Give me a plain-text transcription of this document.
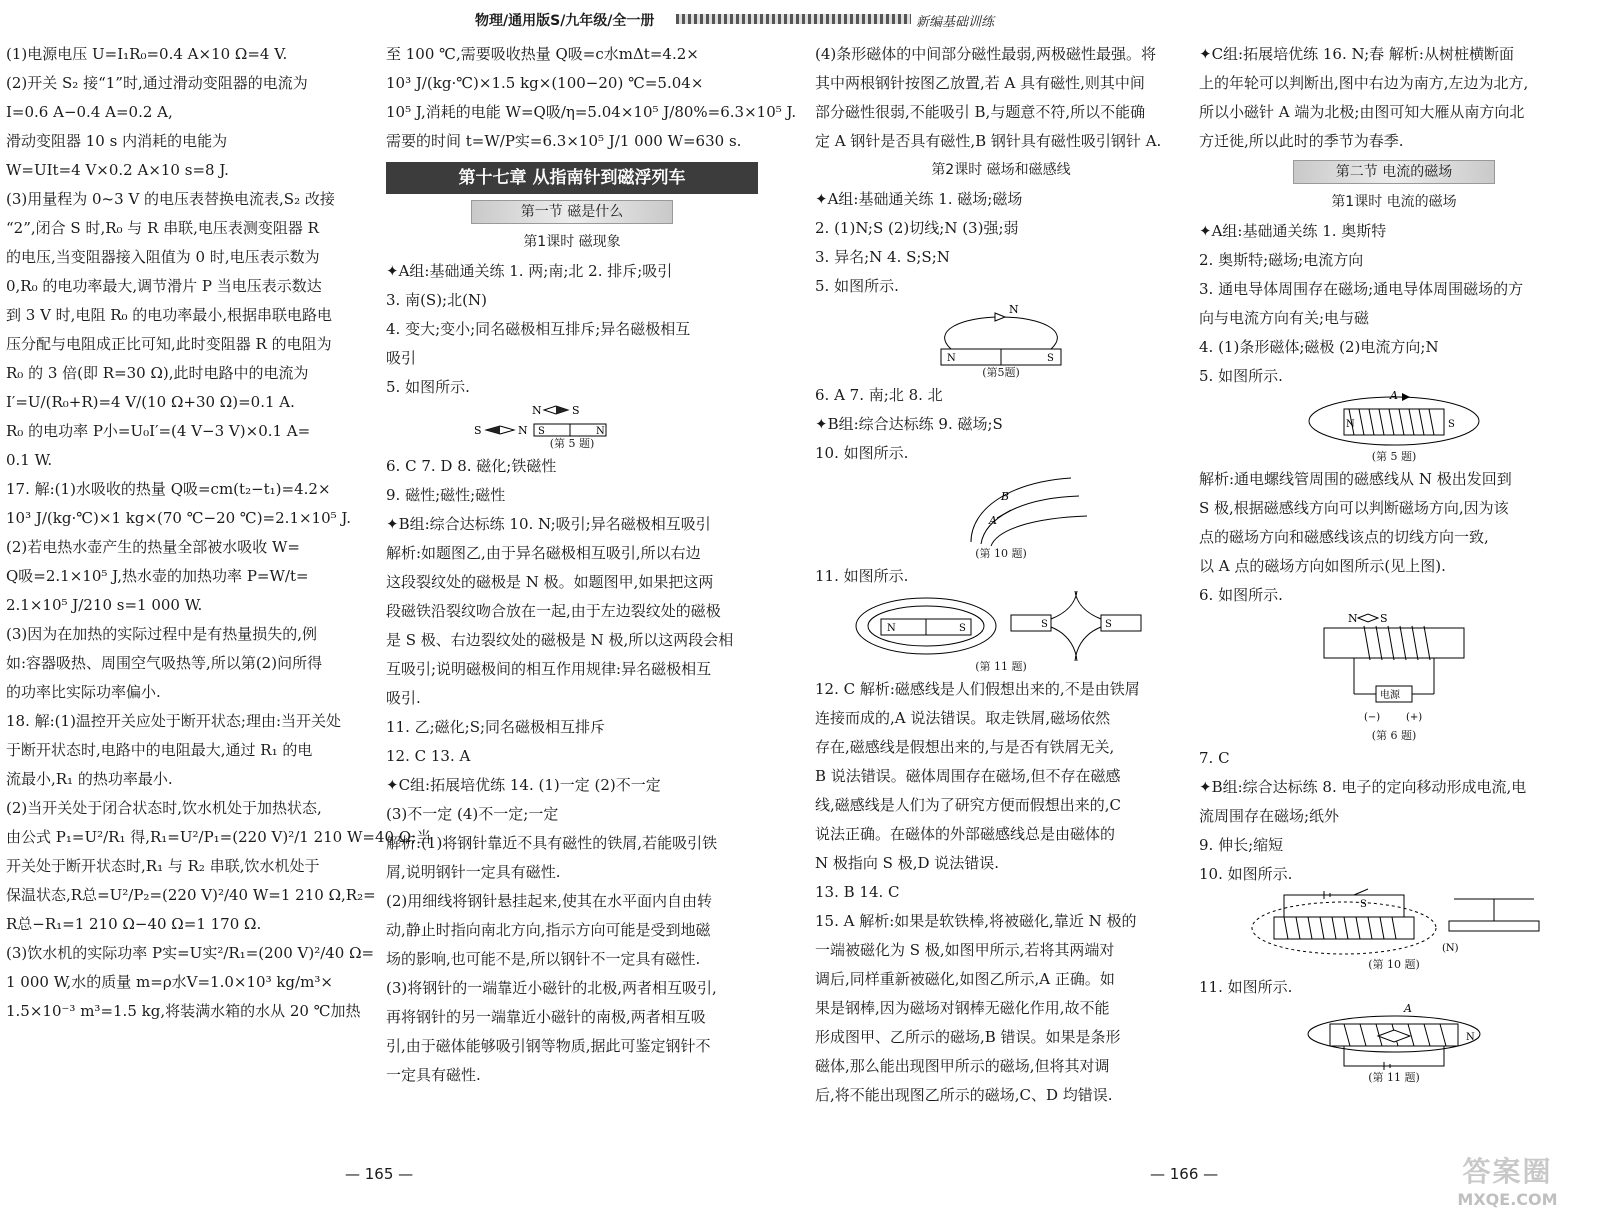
物理/通用版S/九年级/全一册	新编基础训练
(1)电源电压 U=I₁R₀=0.4 A×10 Ω=4 V.
(2)开关 S₂ 接“1”时,通过滑动变阻器的电流为
I=0.6 A−0.4 A=0.2 A,
滑动变阻器 10 s 内消耗的电能为
W=UIt=4 V×0.2 A×10 s=8 J.
(3)用量程为 0~3 V 的电压表替换电流表,S₂ 改接
“2”,闭合 S 时,R₀ 与 R 串联,电压表测变阻器 R
的电压,当变阻器接入阻值为 0 时,电压表示数为
0,R₀ 的电功率最大,调节滑片 P 当电压表示数达
到 3 V 时,电阻 R₀ 的电功率最小,根据串联电路电
压分配与电阻成正比可知,此时变阻器 R 的电阻为
R₀ 的 3 倍(即 R=30 Ω),此时电路中的电流为
I′=U/(R₀+R)=4 V/(10 Ω+30 Ω)=0.1 A.
R₀ 的电功率 P小=U₀I′=(4 V−3 V)×0.1 A=
0.1 W.
17. 解:(1)水吸收的热量 Q吸=cm(t₂−t₁)=4.2×
10³ J/(kg·℃)×1 kg×(70 ℃−20 ℃)=2.1×10⁵ J.
(2)若电热水壶产生的热量全部被水吸收 W=
Q吸=2.1×10⁵ J,热水壶的加热功率 P=W/t=
2.1×10⁵ J/210 s=1 000 W.
(3)因为在加热的实际过程中是有热量损失的,例
如:容器吸热、周围空气吸热等,所以第(2)问所得
的功率比实际功率偏小.
18. 解:(1)温控开关应处于断开状态;理由:当开关处
于断开状态时,电路中的电阻最大,通过 R₁ 的电
流最小,R₁ 的热功率最小.
(2)当开关处于闭合状态时,饮水机处于加热状态,
由公式 P₁=U²/R₁ 得,R₁=U²/P₁=(220 V)²/1 210 W=40 Ω;当
开关处于断开状态时,R₁ 与 R₂ 串联,饮水机处于
保温状态,R总=U²/P₂=(220 V)²/40 W=1 210 Ω,R₂=
R总−R₁=1 210 Ω−40 Ω=1 170 Ω.
(3)饮水机的实际功率 P实=U实²/R₁=(200 V)²/40 Ω=
1 000 W,水的质量 m=ρ水V=1.0×10³ kg/m³×
1.5×10⁻³ m³=1.5 kg,将装满水箱的水从 20 ℃加热
至 100 ℃,需要吸收热量 Q吸=c水mΔt=4.2×
10³ J/(kg·℃)×1.5 kg×(100−20) ℃=5.04×
10⁵ J,消耗的电能 W=Q吸/η=5.04×10⁵ J/80%=6.3×10⁵ J.
需要的时间 t=W/P实=6.3×10⁵ J/1 000 W=630 s.
第十七章 从指南针到磁浮列车
第一节 磁是什么
第1课时 磁现象
✦A组:基础通关练 1. 两;南;北 2. 排斥;吸引
3. 南(S);北(N)
4. 变大;变小;同名磁极相互排斥;异名磁极相互
吸引
5. 如图所示.
N	S
S	N S	N
(第 5 题)
6. C 7. D 8. 磁化;铁磁性
9. 磁性;磁性;磁性
✦B组:综合达标练 10. N;吸引;异名磁极相互吸引
解析:如题图乙,由于异名磁极相互吸引,所以右边
这段裂纹处的磁极是 N 极。如题图甲,如果把这两
段磁铁沿裂纹吻合放在一起,由于左边裂纹处的磁极
是 S 极、右边裂纹处的磁极是 N 极,所以这两段会相
互吸引;说明磁极间的相互作用规律:异名磁极相互
吸引.
11. 乙;磁化;S;同名磁极相互排斥
12. C 13. A
✦C组:拓展培优练 14. (1)一定 (2)不一定
(3)不一定 (4)不一定;一定
解析:(1)将钢针靠近不具有磁性的铁屑,若能吸引铁
屑,说明钢针一定具有磁性.
(2)用细线将钢针悬挂起来,使其在水平面内自由转
动,静止时指向南北方向,指示方向可能是受到地磁
场的影响,也可能不是,所以钢针不一定具有磁性.
(3)将钢针的一端靠近小磁针的北极,两者相互吸引,
再将钢针的另一端靠近小磁针的南极,两者相互吸
引,由于磁体能够吸引钢等物质,据此可鉴定钢针不
一定具有磁性.
(4)条形磁体的中间部分磁性最弱,两极磁性最强。将
其中两根钢针按图乙放置,若 A 具有磁性,则其中间
部分磁性很弱,不能吸引 B,与题意不符,所以不能确
定 A 钢针是否具有磁性,B 钢针具有磁性吸引钢针 A.
第2课时 磁场和磁感线
✦A组:基础通关练 1. 磁场;磁场
2. (1)N;S (2)切线;N (3)强;弱
3. 异名;N 4. S;S;N
5. 如图所示.
N
N	S
(第5题)
6. A 7. 南;北 8. 北
✦B组:综合达标练 9. 磁场;S
10. 如图所示.
B
A
(第 10 题)
11. 如图所示.
N	S	S	S
(第 11 题)
12. C 解析:磁感线是人们假想出来的,不是由铁屑
连接而成的,A 说法错误。取走铁屑,磁场依然
存在,磁感线是假想出来的,与是否有铁屑无关,
B 说法错误。磁体周围存在磁场,但不存在磁感
线,磁感线是人们为了研究方便而假想出来的,C
说法正确。在磁体的外部磁感线总是由磁体的
N 极指向 S 极,D 说法错误.
13. B 14. C
15. A 解析:如果是软铁棒,将被磁化,靠近 N 极的
一端被磁化为 S 极,如图甲所示,若将其两端对
调后,同样重新被磁化,如图乙所示,A 正确。如
果是钢棒,因为磁场对钢棒无磁化作用,故不能
形成图甲、乙所示的磁场,B 错误。如果是条形
磁体,那么能出现图甲所示的磁场,但将其对调
后,将不能出现图乙所示的磁场,C、D 均错误.
✦C组:拓展培优练 16. N;春 解析:从树桩横断面
上的年轮可以判断出,图中右边为南方,左边为北方,
所以小磁针 A 端为北极;由图可知大雁从南方向北
方迁徙,所以此时的季节为春季.
第二节 电流的磁场
第1课时 电流的磁场
✦A组:基础通关练 1. 奥斯特
2. 奥斯特;磁场;电流方向
3. 通电导体周围存在磁场;通电导体周围磁场的方
向与电流方向有关;电与磁
4. (1)条形磁体;磁极 (2)电流方向;N
5. 如图所示.
N	S
A
(第 5 题)
解析:通电螺线管周围的磁感线从 N 极出发回到
S 极,根据磁感线方向可以判断磁场方向,因为该
点的磁场方向和磁感线该点的切线方向一致,
以 A 点的磁场方向如图所示(见上图).
6. 如图所示.
N S
电源
(−)	(+)
(第 6 题)
7. C
✦B组:综合达标练 8. 电子的定向移动形成电流,电
流周围存在磁场;纸外
9. 伸长;缩短
10. 如图所示.
S
(N)
(第 10 题)
11. 如图所示.
A
N
(第 11 题)
— 165 —	— 166 —	答案圈
MXQE.COM
